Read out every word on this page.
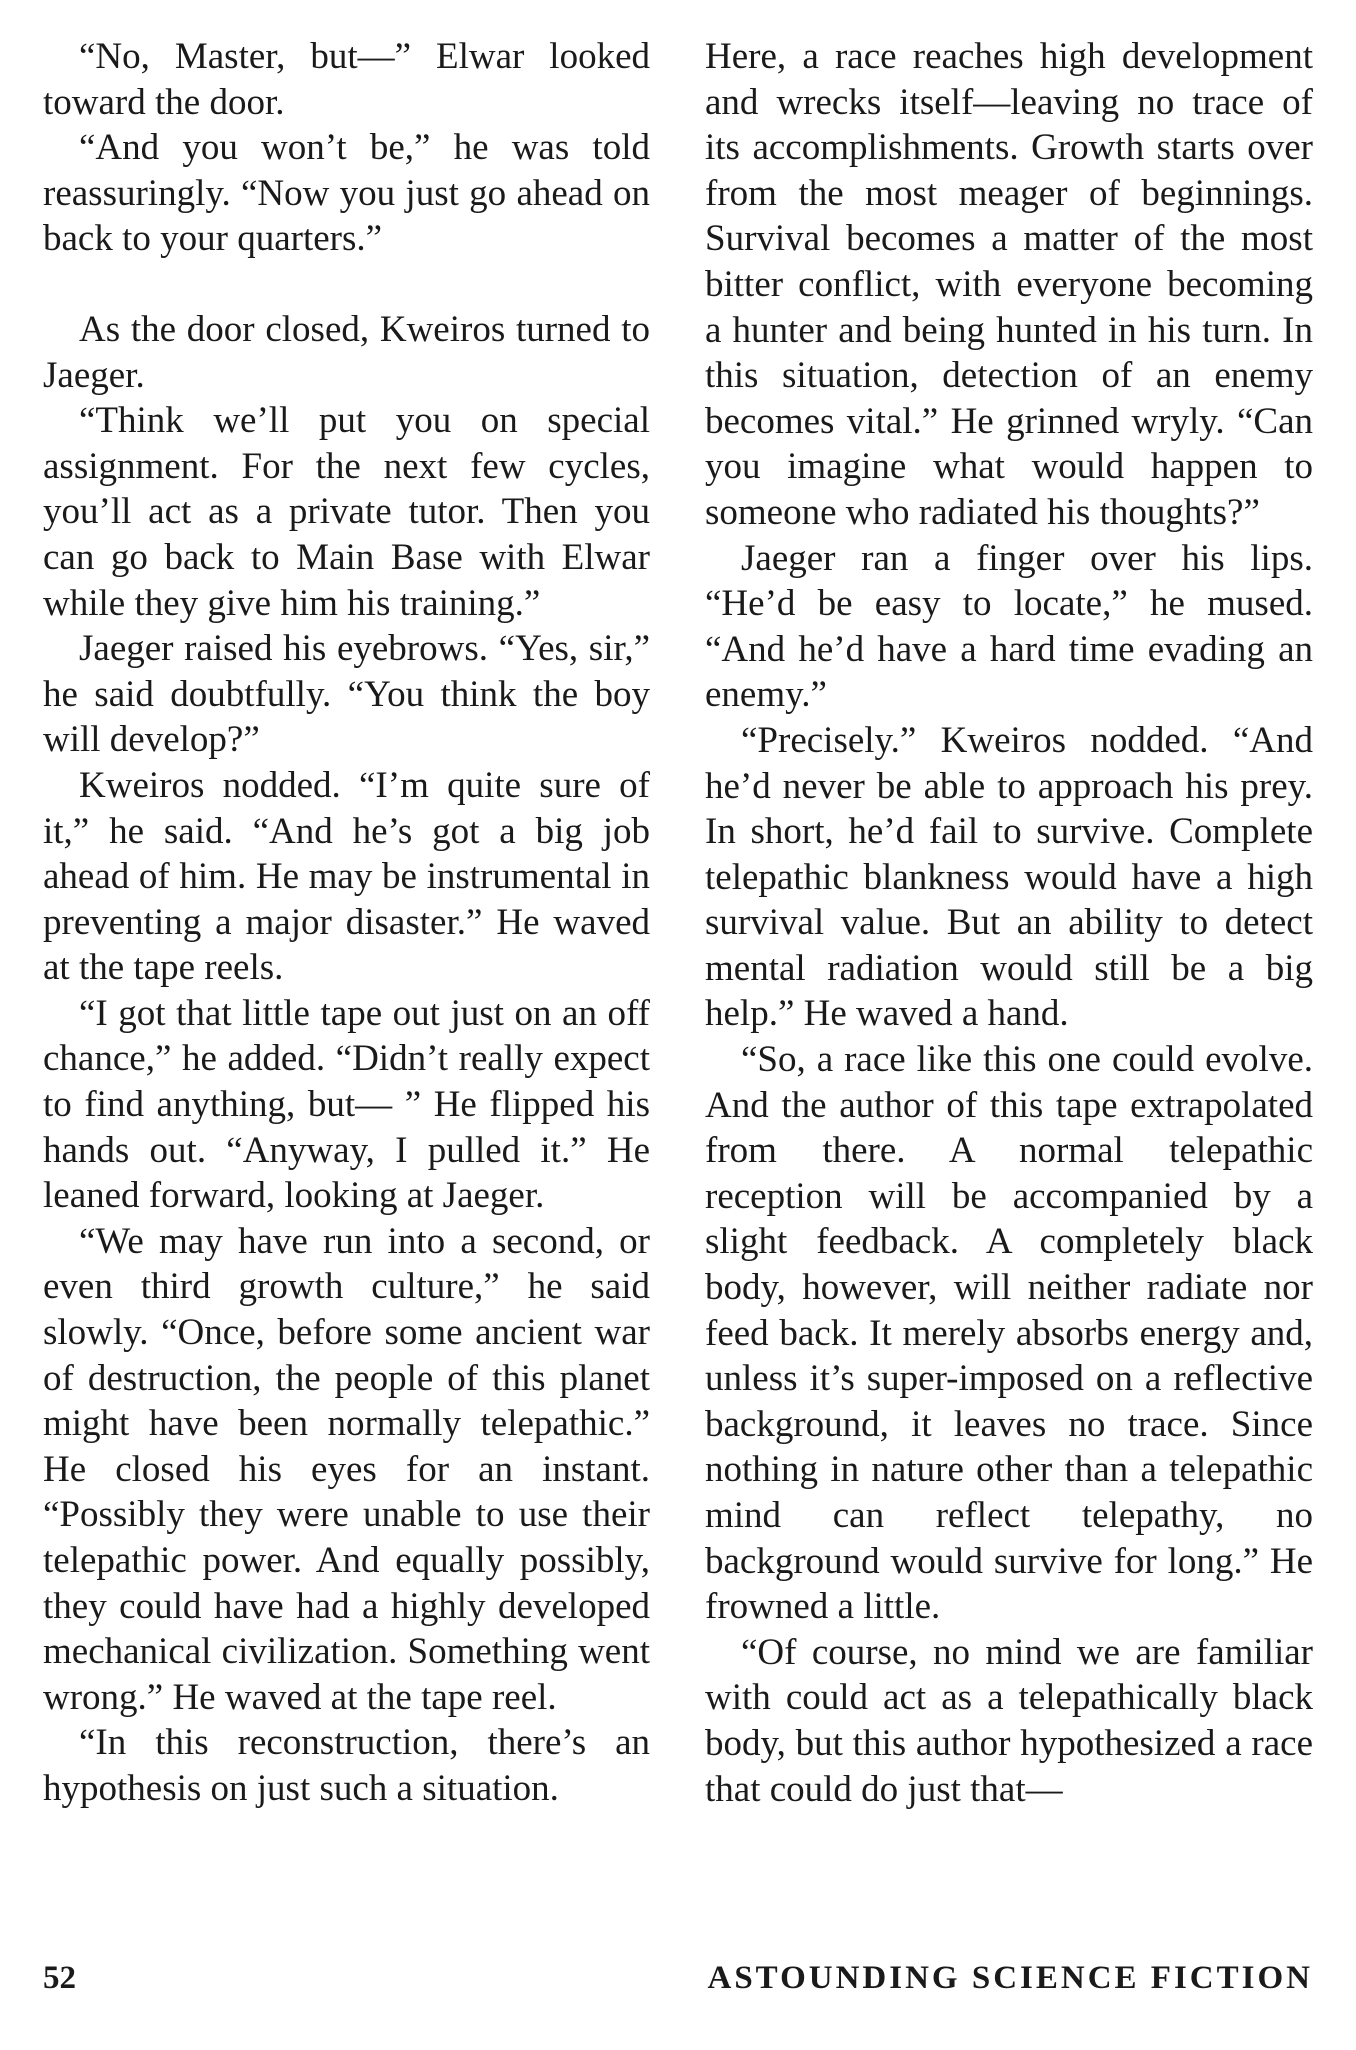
“No, Master, but—” Elwar looked toward the door.

“And you won’t be,” he was told reassuringly. “Now you just go ahead on back to your quarters.”

As the door closed, Kweiros turned to Jaeger.

“Think we’ll put you on special assignment. For the next few cycles, you’ll act as a private tutor. Then you can go back to Main Base with Elwar while they give him his training.”

Jaeger raised his eyebrows. “Yes, sir,” he said doubtfully. “You think the boy will develop?”

Kweiros nodded. “I’m quite sure of it,” he said. “And he’s got a big job ahead of him. He may be instrumental in preventing a major disaster.” He waved at the tape reels.

“I got that little tape out just on an off chance,” he added. “Didn’t really expect to find anything, but— ” He flipped his hands out. “Anyway, I pulled it.” He leaned forward, looking at Jaeger.

“We may have run into a second, or even third growth culture,” he said slowly. “Once, before some ancient war of destruction, the people of this planet might have been normally telepathic.” He closed his eyes for an instant. “Possibly they were unable to use their telepathic power. And equally possibly, they could have had a highly developed mechanical civilization. Something went wrong.” He waved at the tape reel.

“In this reconstruction, there’s an hypothesis on just such a situation.

Here, a race reaches high development and wrecks itself—leaving no trace of its accomplishments. Growth starts over from the most meager of beginnings. Survival becomes a matter of the most bitter conflict, with everyone becoming a hunter and being hunted in his turn. In this situation, detection of an enemy becomes vital.” He grinned wryly. “Can you imagine what would happen to someone who radiated his thoughts?”

Jaeger ran a finger over his lips. “He’d be easy to locate,” he mused. “And he’d have a hard time evading an enemy.”

“Precisely.” Kweiros nodded. “And he’d never be able to approach his prey. In short, he’d fail to survive. Complete telepathic blankness would have a high survival value. But an ability to detect mental radiation would still be a big help.” He waved a hand.

“So, a race like this one could evolve. And the author of this tape extrapolated from there. A normal telepathic reception will be accompanied by a slight feedback. A completely black body, however, will neither radiate nor feed back. It merely absorbs energy and, unless it’s super-imposed on a reflective background, it leaves no trace. Since nothing in nature other than a telepathic mind can reflect telepathy, no background would survive for long.” He frowned a little.

“Of course, no mind we are familiar with could act as a telepathically black body, but this author hypothesized a race that could do just that—

52	ASTOUNDING SCIENCE FICTION
